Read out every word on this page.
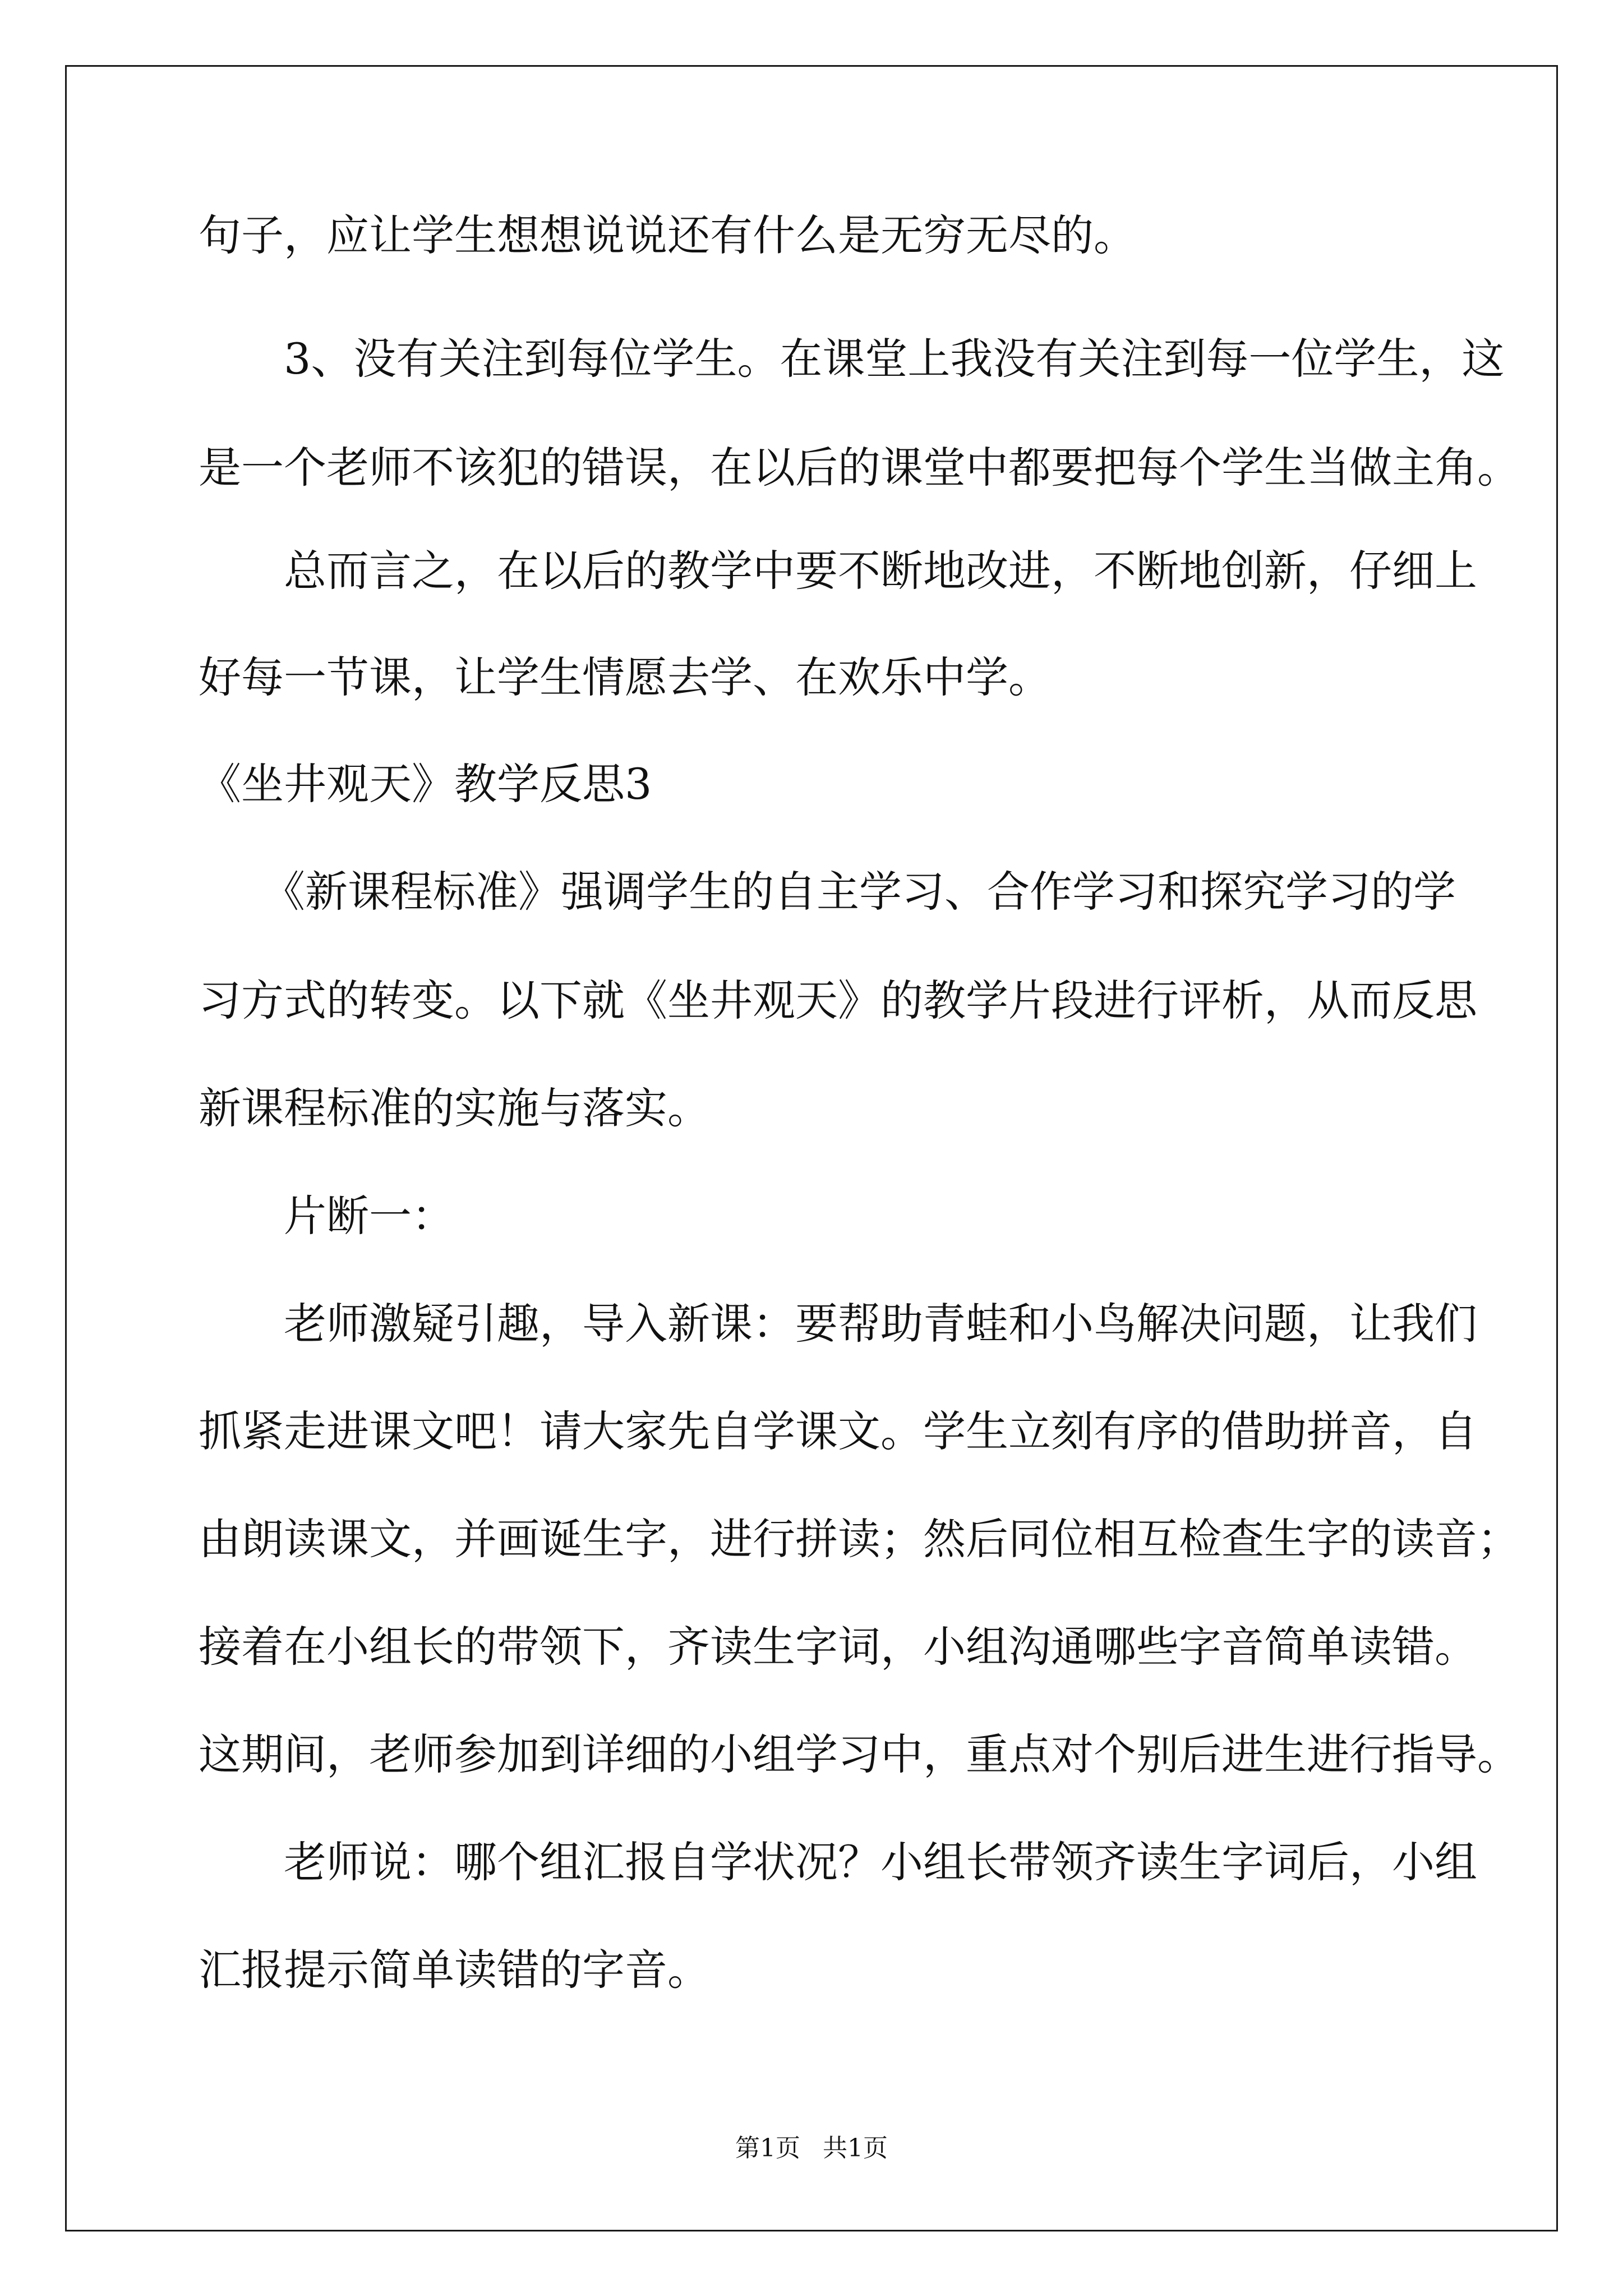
句子，应让学生想想说说还有什么是无穷无尽的。
　　3、没有关注到每位学生。在课堂上我没有关注到每一位学生，这
是一个老师不该犯的错误，在以后的课堂中都要把每个学生当做主角。
　　总而言之，在以后的教学中要不断地改进，不断地创新，仔细上
好每一节课，让学生情愿去学、在欢乐中学。
《坐井观天》教学反思3
　　《新课程标准》强调学生的自主学习、合作学习和探究学习的学
习方式的转变。以下就《坐井观天》的教学片段进行评析，从而反思
新课程标准的实施与落实。
　　片断一：
　　老师激疑引趣，导入新课：要帮助青蛙和小鸟解决问题，让我们
抓紧走进课文吧！请大家先自学课文。学生立刻有序的借助拼音，自
由朗读课文，并画诞生字，进行拼读；然后同位相互检查生字的读音；
接着在小组长的带领下，齐读生字词，小组沟通哪些字音简单读错。
这期间，老师参加到详细的小组学习中，重点对个别后进生进行指导。
　　老师说：哪个组汇报自学状况？小组长带领齐读生字词后，小组
汇报提示简单读错的字音。
第1页 共1页
